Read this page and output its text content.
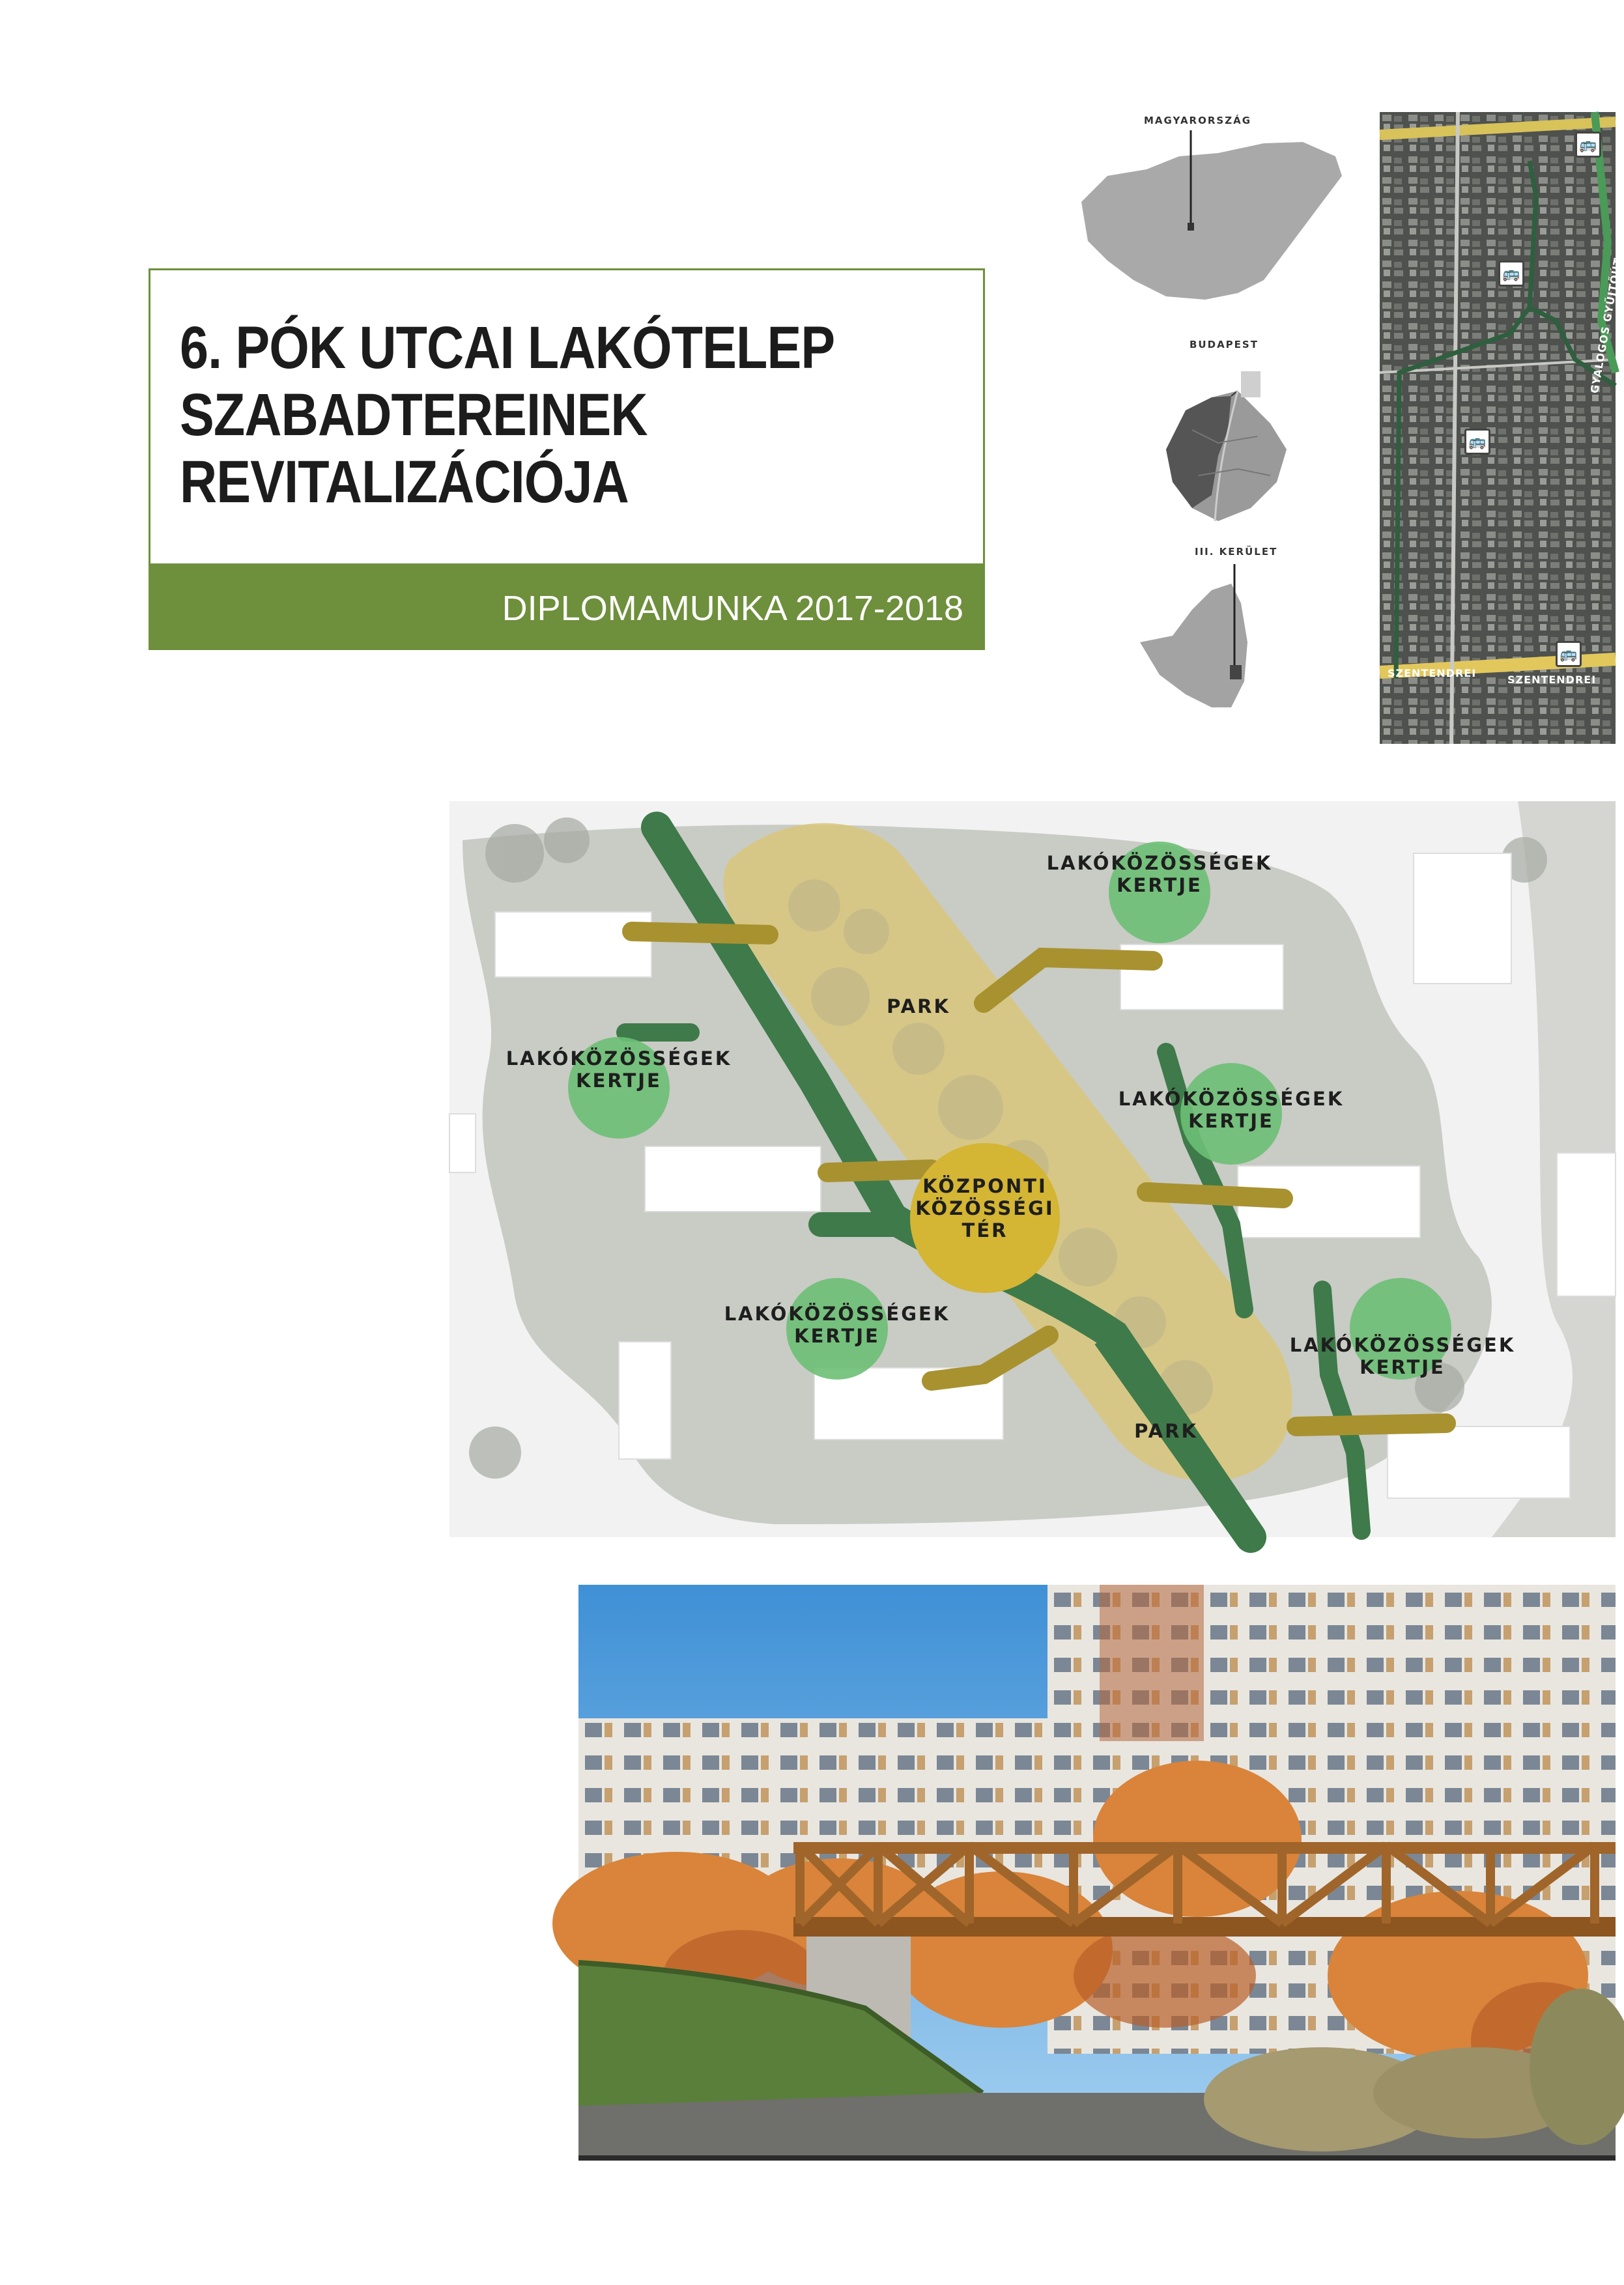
6. PÓK UTCAI LAKÓTELEP
SZABADTEREINEK
REVITALIZÁCIÓJA
DIPLOMAMUNKA 2017-2018
MAGYARORSZÁG
BUDAPEST
III. KERÜLET
GYALOGOS GYŰJTŐÚT
🚌
🚌
🚌
🚌
SZENTENDREI
SZENTENDREI
LAKÓKÖZÖSSÉGEK
KERTJE
LAKÓKÖZÖSSÉGEK
KERTJE
LAKÓKÖZÖSSÉGEK
KERTJE
LAKÓKÖZÖSSÉGEK
KERTJE	LAKÓKÖZÖSSÉGEK
KERTJE
PARK
PARK
KÖZPONTI
KÖZÖSSÉGI
TÉR
